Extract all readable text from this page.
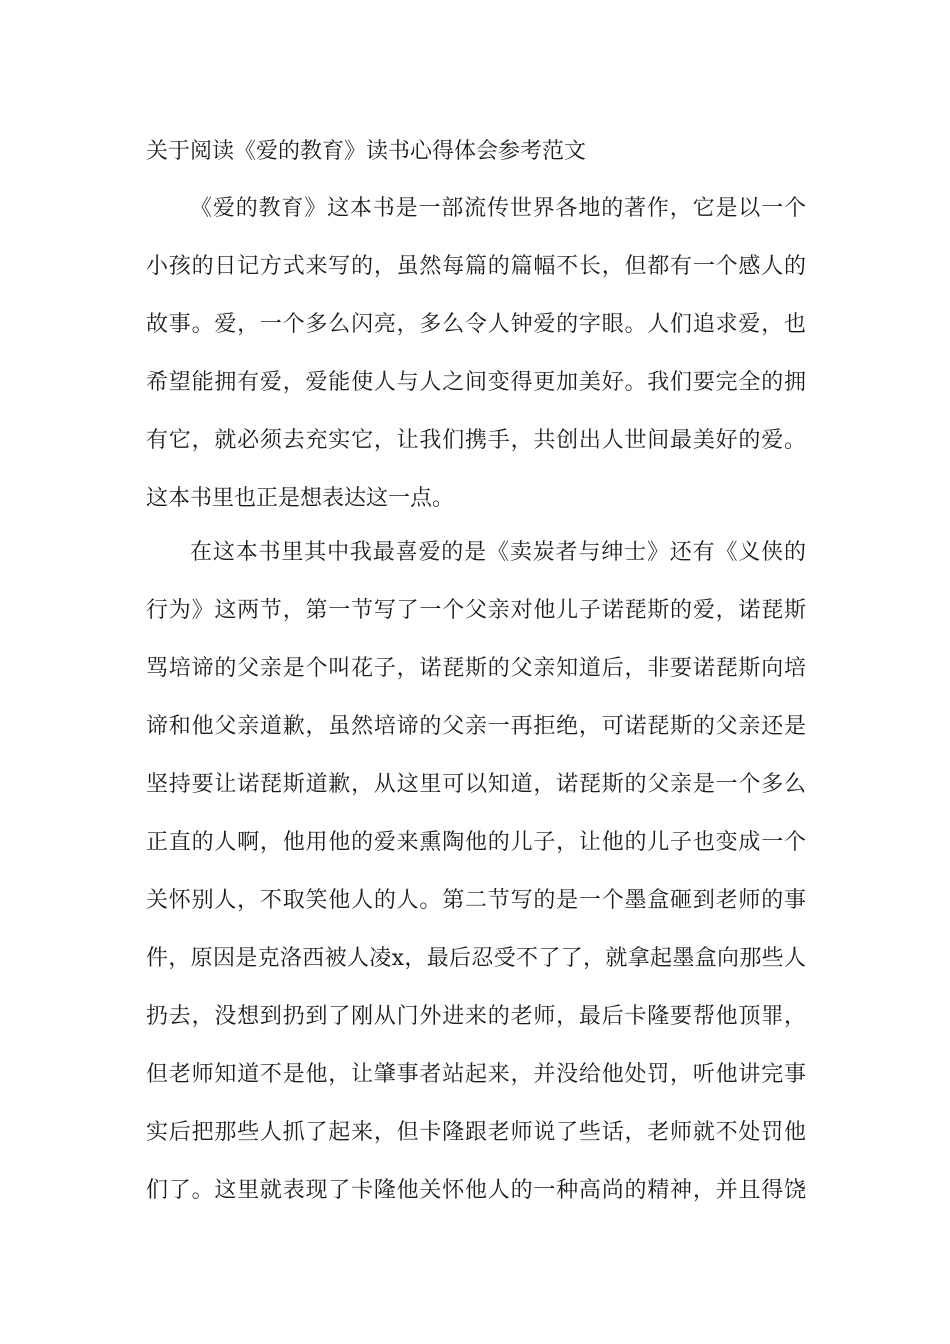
关于阅读《爱的教育》读书心得体会参考范文
《爱的教育》这本书是一部流传世界各地的著作，它是以一个
小孩的日记方式来写的，虽然每篇的篇幅不长，但都有一个感人的
故事。爱，一个多么闪亮，多么令人钟爱的字眼。人们追求爱，也
希望能拥有爱，爱能使人与人之间变得更加美好。我们要完全的拥
有它，就必须去充实它，让我们携手，共创出人世间最美好的爱。
这本书里也正是想表达这一点。
在这本书里其中我最喜爱的是《卖炭者与绅士》还有《义侠的
行为》这两节，第一节写了一个父亲对他儿子诺琵斯的爱，诺琵斯
骂培谛的父亲是个叫花子，诺琵斯的父亲知道后，非要诺琵斯向培
谛和他父亲道歉，虽然培谛的父亲一再拒绝，可诺琵斯的父亲还是
坚持要让诺琵斯道歉，从这里可以知道，诺琵斯的父亲是一个多么
正直的人啊，他用他的爱来熏陶他的儿子，让他的儿子也变成一个
关怀别人，不取笑他人的人。第二节写的是一个墨盒砸到老师的事
件，原因是克洛西被人凌x，最后忍受不了了，就拿起墨盒向那些人
扔去，没想到扔到了刚从门外进来的老师，最后卡隆要帮他顶罪，
但老师知道不是他，让肇事者站起来，并没给他处罚，听他讲完事
实后把那些人抓了起来，但卡隆跟老师说了些话，老师就不处罚他
们了。这里就表现了卡隆他关怀他人的一种高尚的精神，并且得饶
